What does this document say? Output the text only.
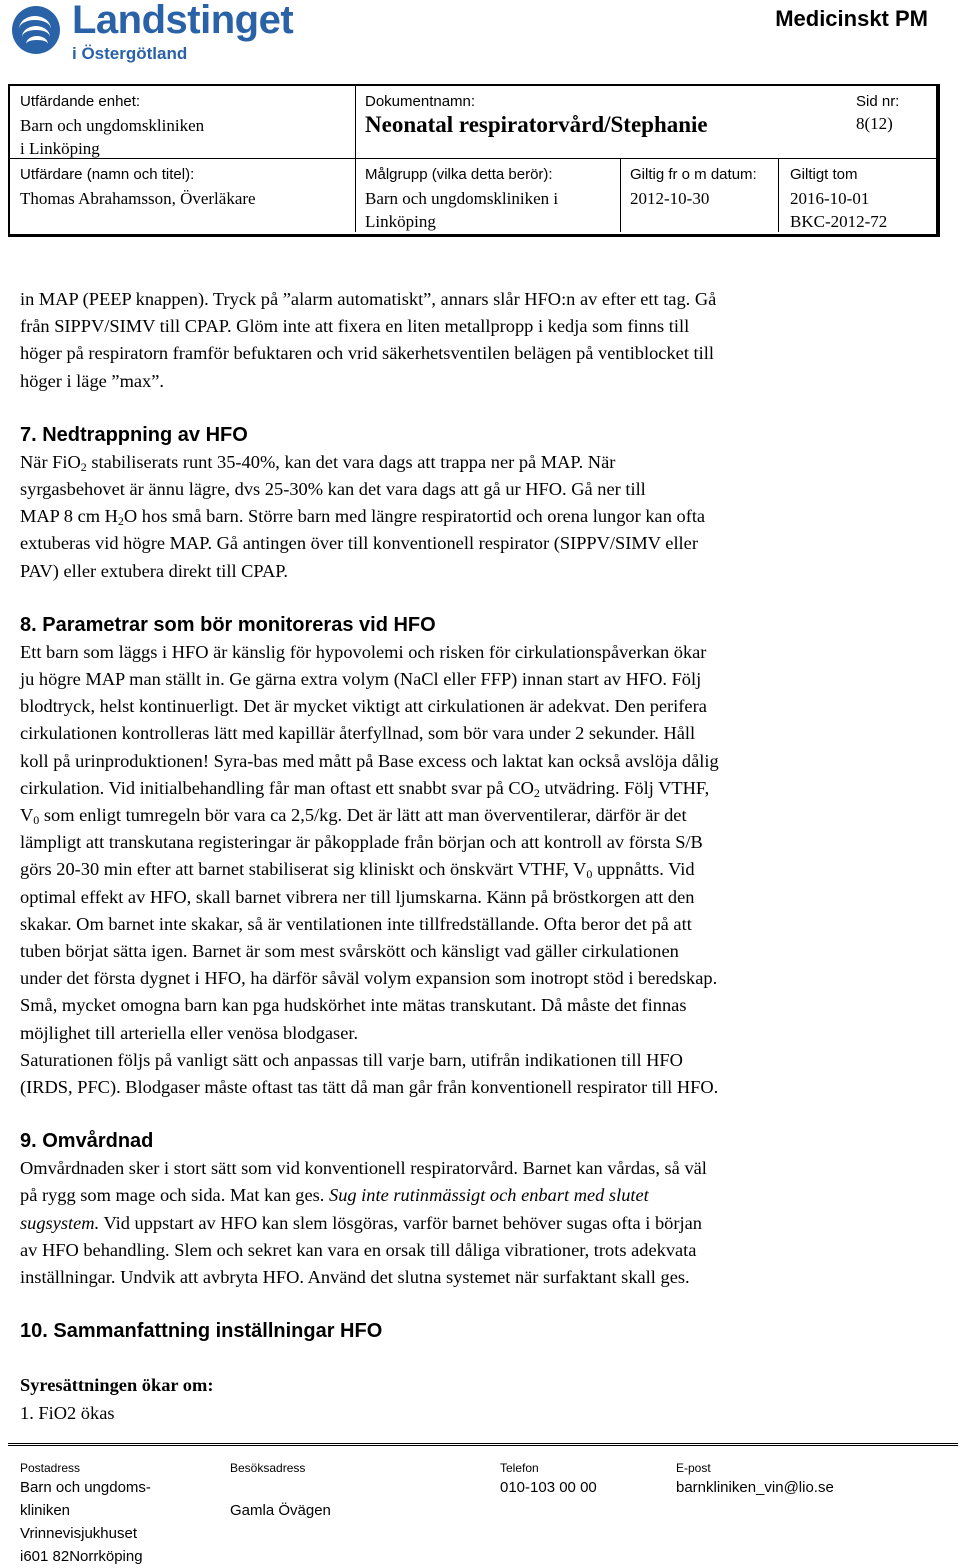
Landstinget
i Östergötland
Medicinskt PM
Utfärdande enhet:
Barn och ungdomskliniken
i Linköping
Dokumentnamn:
Neonatal respiratorvård/Stephanie
Sid nr:
8(12)
Utfärdare (namn och titel):
Thomas Abrahamsson, Överläkare
Målgrupp (vilka detta berör):
Barn och ungdomskliniken i
Linköping
Giltig fr o m datum:
2012-10-30
Giltigt tom
2016-10-01
BKC-2012-72

in MAP (PEEP knappen). Tryck på ”alarm automatiskt”, annars slår HFO:n av efter ett tag. Gå

från SIPPV/SIMV till CPAP. Glöm inte att fixera en liten metallpropp i kedja som finns till

höger på respiratorn framför befuktaren och vrid säkerhetsventilen belägen på ventiblocket till

höger i läge ”max”.

7. Nedtrappning av HFO

När FiO$_2$ stabiliserats runt 35-40%, kan det vara dags att trappa ner på MAP. När

syrgasbehovet är ännu lägre, dvs 25-30% kan det vara dags att gå ur HFO. Gå ner till

MAP 8 cm $H_2O$ hos små barn. Större barn med längre respiratortid och orena lungor kan ofta

extuberas vid högre MAP. Gå antingen över till konventionell respirator (SIPPV/SIMV eller

PAV) eller extubera direkt till CPAP.

8. Parametrar som bör monitoreras vid HFO

Ett barn som läggs i HFO är känslig för hypovolemi och risken för cirkulationspåverkan ökar

ju högre MAP man ställt in. Ge gärna extra volym (NaCl eller FFP) innan start av HFO. Följ

blodtryck, helst kontinuerligt. Det är mycket viktigt att cirkulationen är adekvat. Den perifera

cirkulationen kontrolleras lätt med kapillär återfyllnad, som bör vara under 2 sekunder. Håll

koll på urinproduktionen! Syra-bas med mått på Base excess och laktat kan också avslöja dålig

cirkulation. Vid initialbehandling får man oftast ett snabbt svar på $CO_2$ utvädring. Följ VTHF,

$V_0$ som enligt tumregeln bör vara ca 2,5/kg. Det är lätt att man överventilerar, därför är det

lämpligt att transkutana registeringar är påkopplade från början och att kontroll av första S/B

görs 20-30 min efter att barnet stabiliserat sig kliniskt och önskvärt VTHF, $V_0$ uppnåtts. Vid

optimal effekt av HFO, skall barnet vibrera ner till ljumskarna. Känn på bröstkorgen att den

skakar. Om barnet inte skakar, så är ventilationen inte tillfredställande. Ofta beror det på att

tuben börjat sätta igen. Barnet är som mest svårskött och känsligt vad gäller cirkulationen

under det första dygnet i HFO, ha därför såväl volym expansion som inotropt stöd i beredskap.

Små, mycket omogna barn kan pga hudskörhet inte mätas transkutant. Då måste det finnas

möjlighet till arteriella eller venösa blodgaser.

Saturationen följs på vanligt sätt och anpassas till varje barn, utifrån indikationen till HFO

(IRDS, PFC). Blodgaser måste oftast tas tätt då man går från konventionell respirator till HFO.

9. Omvårdnad

Omvårdnaden sker i stort sätt som vid konventionell respiratorvård. Barnet kan vårdas, så väl

på rygg som mage och sida. Mat kan ges. Sug inte rutinmässigt och enbart med slutet

sugsystem. Vid uppstart av HFO kan slem lösgöras, varför barnet behöver sugas ofta i början

av HFO behandling. Slem och sekret kan vara en orsak till dåliga vibrationer, trots adekvata

inställningar. Undvik att avbryta HFO. Använd det slutna systemet när surfaktant skall ges.

10. Sammanfattning inställningar HFO

Syresättningen ökar om:

1. FiO2 ökas

Postadress
Barn och ungdoms-
kliniken
Vrinnevisjukhuset
i601 82Norrköping
Besöksadress
Gamla Övägen
Telefon
010-103 00 00
E-post
barnkliniken_vin@lio.se
